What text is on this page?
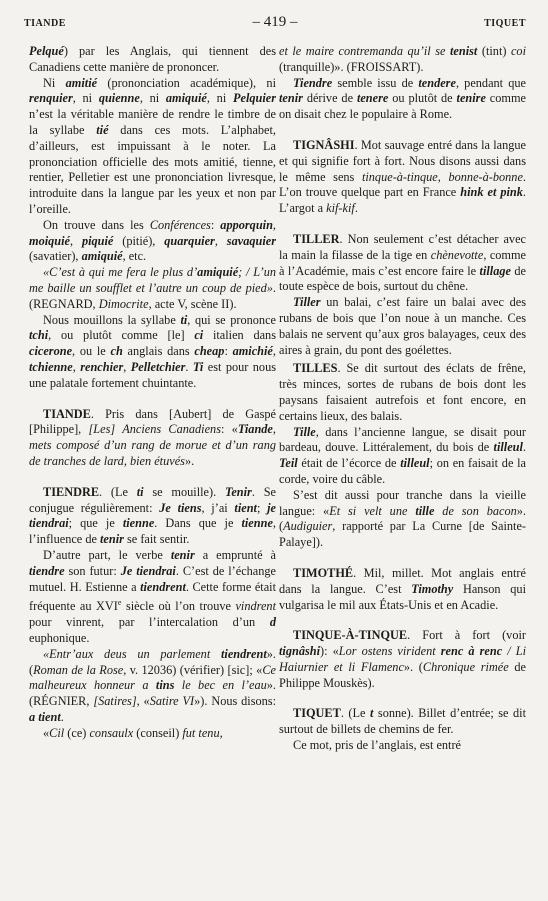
TIANDE	– 419 –	TIQUET

Pelqué) par les Anglais, qui tiennent des Canadiens cette manière de prononcer.

Ni amitié (prononciation académique), ni renquier, ni quienne, ni amiquié, ni Pelquier n’est la véritable manière de rendre le timbre de la syllabe tié dans ces mots. L’alphabet, d’ailleurs, est impuissant à le noter. La prononciation officielle des mots amitié, tienne, rentier, Pelletier est une prononciation livresque, introduite dans la langue par les yeux et non par l’oreille.

On trouve dans les Conférences: apporquin, moiquié, piquié (pitié), quarquier, savaquier (savatier), amiquié, etc.

«C’est à qui me fera le plus d’amiquié; / L’un me baille un soufflet et l’autre un coup de pied». (REGNARD, Dimocrite, acte V, scène II).

Nous mouillons la syllabe ti, qui se prononce tchi, ou plutôt comme [le] ci italien dans cicerone, ou le ch anglais dans cheap: amichié, tchienne, renchier, Pelletchier. Ti est pour nous une palatale fortement chuintante.

TIANDE. Pris dans [Aubert] de Gaspé [Philippe], [Les] Anciens Canadiens: «Tiande, mets composé d’un rang de morue et d’un rang de tranches de lard, bien étuvés».

TIENDRE. (Le ti se mouille). Tenir. Se conjugue régulièrement: Je tiens, j’ai tient; je tiendrai; que je tienne. Dans que je tienne, l’influence de tenir se fait sentir.

D’autre part, le verbe tenir a emprunté à tiendre son futur: Je tiendrai. C’est de l’échange mutuel. H. Estienne a tiendrent. Cette forme était fréquente au XVIe siècle où l’on trouve vindrent pour vinrent, par l’intercalation d’un d euphonique.

«Entr’aux deus un parlement tiendrent». (Roman de la Rose, v. 12036) (vérifier) [sic]; «Ce malheureux honneur a tins le bec en l’eau». (RÉGNIER, [Satires], «Satire VI»). Nous disons: a tient.

«Cil (ce) consaulx (conseil) fut tenu,

et le maire contremanda qu’il se tenist (tint) coi (tranquille)». (FROISSART).

Tiendre semble issu de tendere, pendant que tenir dérive de tenere ou plutôt de tenire comme on disait chez le populaire à Rome.

TIGNÂSHI. Mot sauvage entré dans la langue et qui signifie fort à fort. Nous disons aussi dans le même sens tinque-à-tinque, bonne-à-bonne. L’on trouve quelque part en France hink et pink. L’argot a kif-kif.

TILLER. Non seulement c’est détacher avec la main la filasse de la tige en chènevotte, comme à l’Académie, mais c’est encore faire le tillage de toute espèce de bois, surtout du chêne.

Tiller un balai, c’est faire un balai avec des rubans de bois que l’on noue à un manche. Ces balais ne servent qu’aux gros balayages, ceux des aires à grain, du pont des goélettes.

TILLES. Se dit surtout des éclats de frêne, très minces, sortes de rubans de bois dont les paysans faisaient autrefois et font encore, en certains lieux, des balais.

Tille, dans l’ancienne langue, se disait pour bardeau, douve. Littéralement, du bois de tilleul. Teil était de l’écorce de tilleul; on en faisait de la corde, voire du câble.

S’est dit aussi pour tranche dans la vieille langue: «Et si velt une tille de son bacon». (Audiguier, rapporté par La Curne [de Sainte-Palaye]).

TIMOTHÉ. Mil, millet. Mot anglais entré dans la langue. C’est Timothy Hanson qui vulgarisa le mil aux États-Unis et en Acadie.

TINQUE-À-TINQUE. Fort à fort (voir tignâshi): «Lor ostens virident renc à renc / Li Haiurnier et li Flamenc». (Chronique rimée de Philippe Mouskès).

TIQUET. (Le t sonne). Billet d’entrée; se dit surtout de billets de chemins de fer.

Ce mot, pris de l’anglais, est entré
